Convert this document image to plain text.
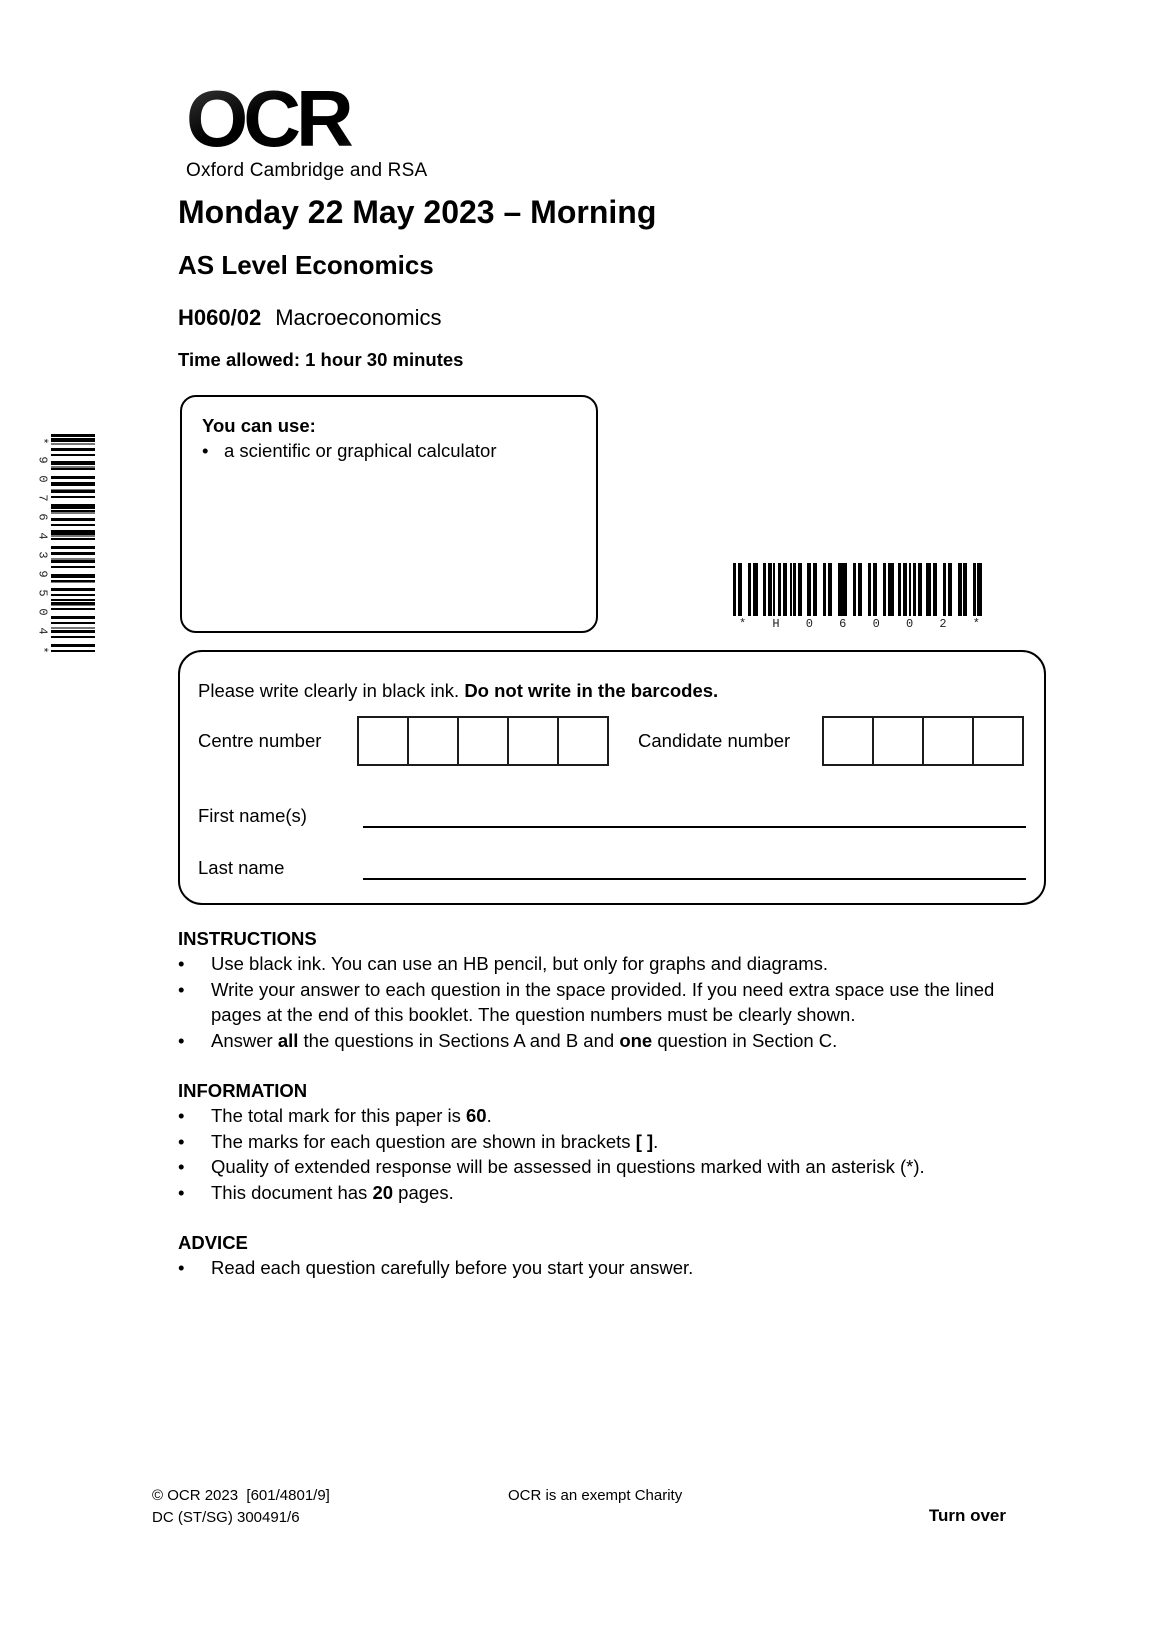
*
9
0
7
6
4
3
9
5
0
4
*
OCR
Oxford Cambridge and RSA
Monday 22 May 2023 – Morning
AS Level Economics
H060/02 Macroeconomics
Time allowed: 1 hour 30 minutes
You can use:
• a scientific or graphical calculator
* H 0 6 0 0 2 *
Please write clearly in black ink. Do not write in the barcodes.
Centre number	Candidate number
First name(s)
Last name
INSTRUCTIONS
•	Use black ink. You can use an HB pencil, but only for graphs and diagrams.
•	Write your answer to each question in the space provided. If you need extra space use the lined pages at the end of this booklet. The question numbers must be clearly shown.
•	Answer all the questions in Sections A and B and one question in Section C.
INFORMATION
•	The total mark for this paper is 60.
•	The marks for each question are shown in brackets [ ].
•	Quality of extended response will be assessed in questions marked with an asterisk (*).
•	This document has 20 pages.
ADVICE
•	Read each question carefully before you start your answer.
© OCR 2023  [601/4801/9]
DC (ST/SG) 300491/6
OCR is an exempt Charity
Turn over
